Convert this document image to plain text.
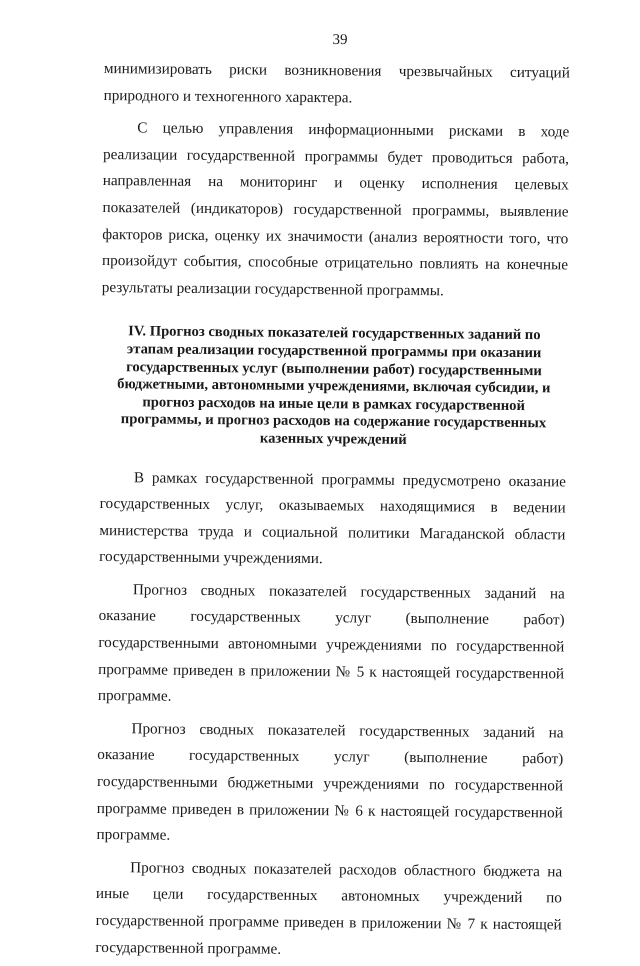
39

минимизировать риски возникновения чрезвычайных ситуаций природного и техногенного характера.

С целью управления информационными рисками в ходе реализации государственной программы будет проводиться работа, направленная на мониторинг и оценку исполнения целевых показателей (индикаторов) государственной программы, выявление факторов риска, оценку их значимости (анализ вероятности того, что произойдут события, способные отрицательно повлиять на конечные результаты реализации государственной программы.

IV. Прогноз сводных показателей государственных заданий по этапам реализации государственной программы при оказании государственных услуг (выполнении работ) государственными бюджетными, автономными учреждениями, включая субсидии, и прогноз расходов на иные цели в рамках государственной программы, и прогноз расходов на содержание государственных казенных учреждений

В рамках государственной программы предусмотрено оказание государственных услуг, оказываемых находящимися в ведении министерства труда и социальной политики Магаданской области государственными учреждениями.

Прогноз сводных показателей государственных заданий на оказание государственных услуг (выполнение работ) государственными автономными учреждениями по государственной программе приведен в приложении № 5 к настоящей государственной программе.

Прогноз сводных показателей государственных заданий на оказание государственных услуг (выполнение работ) государственными бюджетными учреждениями по государственной программе приведен в приложении № 6 к настоящей государственной программе.

Прогноз сводных показателей расходов областного бюджета на иные цели государственных автономных учреждений по государственной программе приведен в приложении № 7 к настоящей государственной программе.
